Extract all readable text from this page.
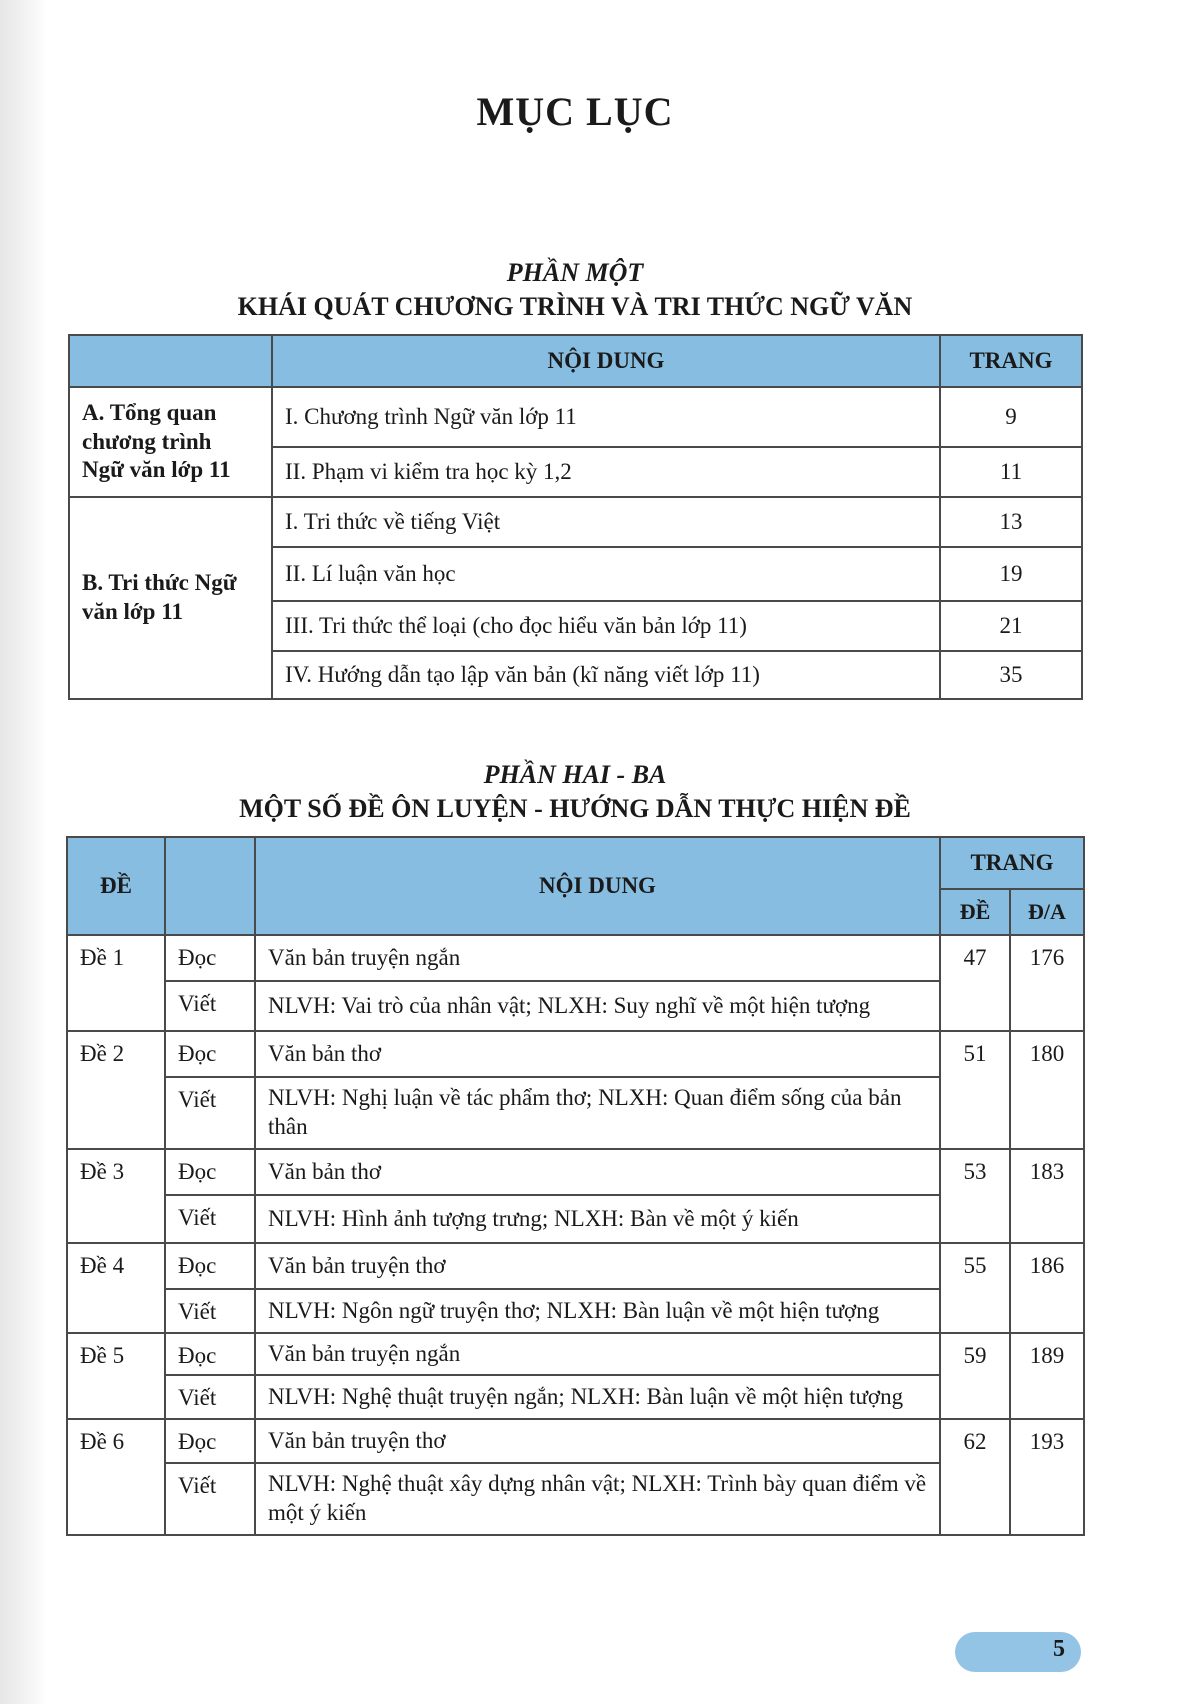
MỤC LỤC
PHẦN MỘT
KHÁI QUÁT CHƯƠNG TRÌNH VÀ TRI THỨC NGỮ VĂN
	NỘI DUNG	TRANG
A. Tổng quan chương trình Ngữ văn lớp 11	I. Chương trình Ngữ văn lớp 11	9
	II. Phạm vi kiểm tra học kỳ 1,2	11
B. Tri thức Ngữ văn lớp 11	I. Tri thức về tiếng Việt	13
	II. Lí luận văn học	19
	III. Tri thức thể loại (cho đọc hiểu văn bản lớp 11)	21
	IV. Hướng dẫn tạo lập văn bản (kĩ năng viết lớp 11)	35
PHẦN HAI - BA
MỘT SỐ ĐỀ ÔN LUYỆN - HƯỚNG DẪN THỰC HIỆN ĐỀ
ĐỀ		NỘI DUNG	TRANG	
			ĐỀ	Đ/A
Đề 1	Đọc	Văn bản truyện ngắn	47	176
	Viết	NLVH: Vai trò của nhân vật; NLXH: Suy nghĩ về một hiện tượng		
Đề 2	Đọc	Văn bản thơ	51	180
	Viết	NLVH: Nghị luận về tác phẩm thơ; NLXH: Quan điểm sống của bản thân		
Đề 3	Đọc	Văn bản thơ	53	183
	Viết	NLVH: Hình ảnh tượng trưng; NLXH: Bàn về một ý kiến		
Đề 4	Đọc	Văn bản truyện thơ	55	186
	Viết	NLVH: Ngôn ngữ truyện thơ; NLXH: Bàn luận về một hiện tượng		
Đề 5	Đọc	Văn bản truyện ngắn	59	189
	Viết	NLVH: Nghệ thuật truyện ngắn; NLXH: Bàn luận về một hiện tượng		
Đề 6	Đọc	Văn bản truyện thơ	62	193
	Viết	NLVH: Nghệ thuật xây dựng nhân vật; NLXH: Trình bày quan điểm về một ý kiến		
5
